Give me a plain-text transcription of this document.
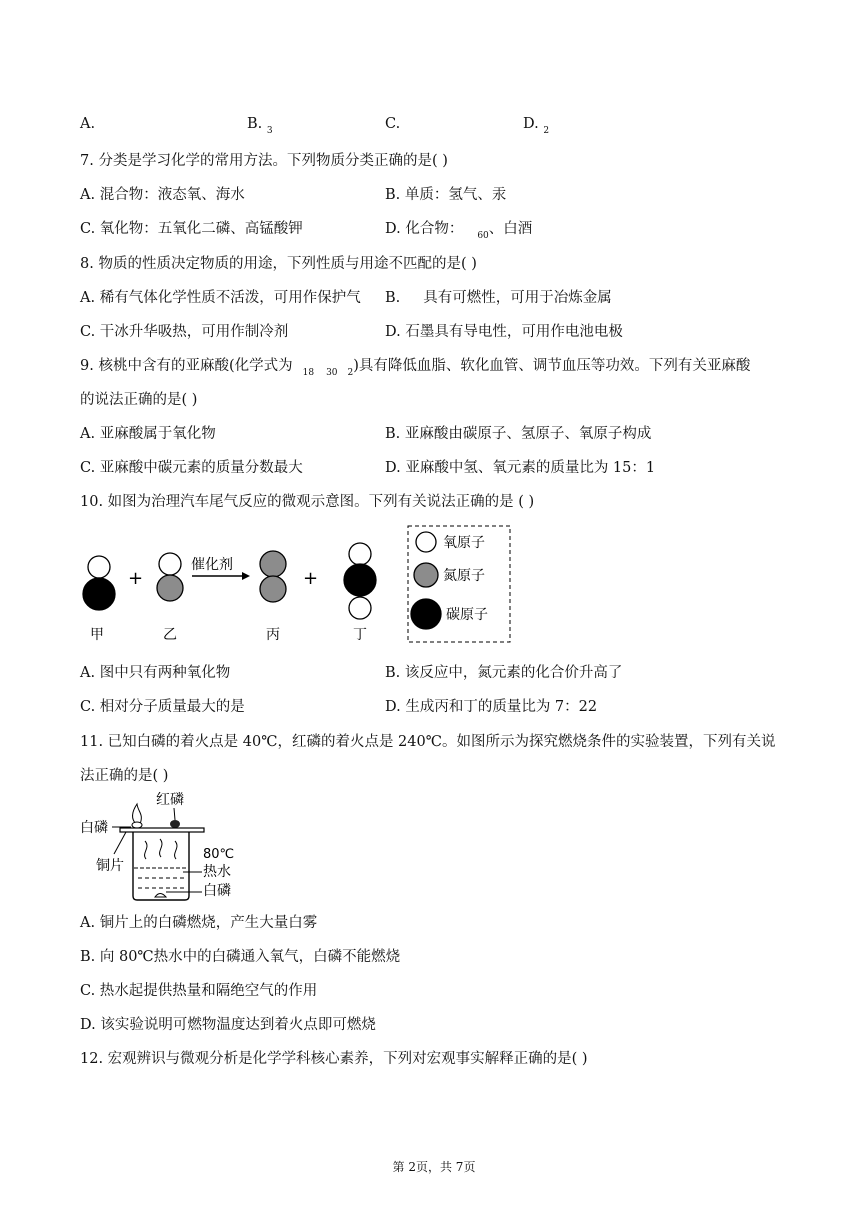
A.	B. $_3$	C.	D. $_2$
7. 分类是学习化学的常用方法。下列物质分类正确的是( )
A. 混合物：液态氧、海水	B. 单质：氢气、汞
C. 氧化物：五氧化二磷、高锰酸钾	D. 化合物： $_{60}$、白酒
8. 物质的性质决定物质的用途，下列性质与用途不匹配的是( )
A. 稀有气体化学性质不活泼，可用作保护气 B.     具有可燃性，可用于冶炼金属
C. 干冰升华吸热，可用作制冷剂	D. 石墨具有导电性，可用作电池电极
9. 核桃中含有的亚麻酸(化学式为 $_{18}$ $_{30}$ $_2$)具有降低血脂、软化血管、调节血压等功效。下列有关亚麻酸
的说法正确的是( )
A. 亚麻酸属于氧化物	B. 亚麻酸由碳原子、氢原子、氧原子构成
C. 亚麻酸中碳元素的质量分数最大	D. 亚麻酸中氢、氧元素的质量比为 15：1
10. 如图为治理汽车尾气反应的微观示意图。下列有关说法正确的是 ( )
+
催化剂
+
甲	乙	丙	丁
氧原子
氮原子
碳原子
A. 图中只有两种氧化物	B. 该反应中，氮元素的化合价升高了
C. 相对分子质量最大的是	D. 生成丙和丁的质量比为 7：22
11. 已知白磷的着火点是 40℃，红磷的着火点是 240℃。如图所示为探究燃烧条件的实验装置，下列有关说
法正确的是( )
红磷
白磷
铜片
80℃
热水
白磷
A. 铜片上的白磷燃烧，产生大量白雾
B. 向 80℃热水中的白磷通入氧气，白磷不能燃烧
C. 热水起提供热量和隔绝空气的作用
D. 该实验说明可燃物温度达到着火点即可燃烧
12. 宏观辨识与微观分析是化学学科核心素养，下列对宏观事实解释正确的是( )
第 2页，共 7页
